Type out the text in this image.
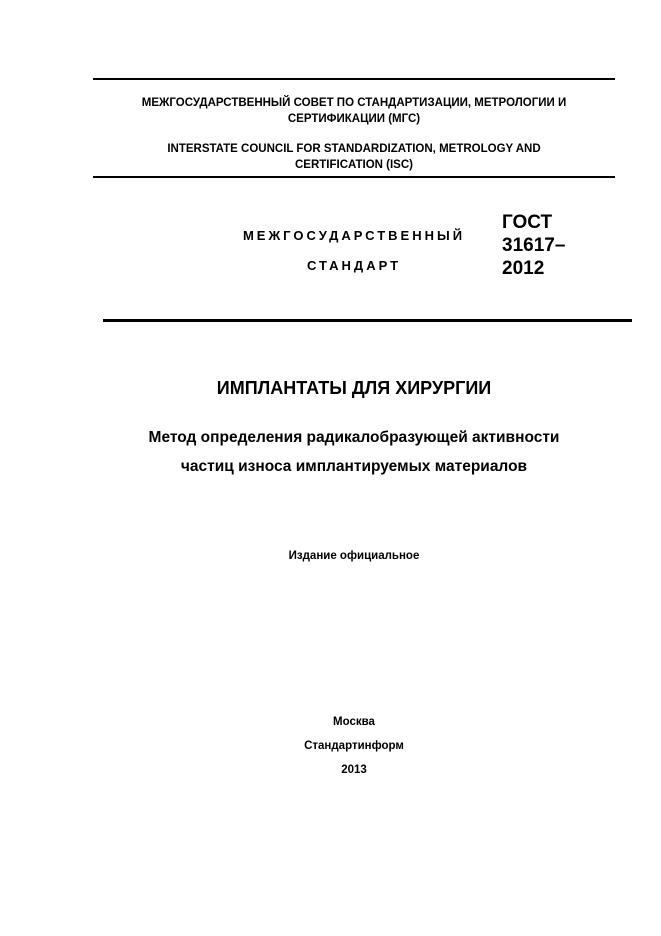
МЕЖГОСУДАРСТВЕННЫЙ СОВЕТ ПО СТАНДАРТИЗАЦИИ, МЕТРОЛОГИИ И
СЕРТИФИКАЦИИ (МГС)
INTERSTATE COUNCIL FOR STANDARDIZATION, METROLOGY AND
CERTIFICATION (ISC)
МЕЖГОСУДАРСТВЕННЫЙ
СТАНДАРТ
ГОСТ
31617–
2012
ИМПЛАНТАТЫ ДЛЯ ХИРУРГИИ
Метод определения радикалобразующей активности
частиц износа имплантируемых материалов
Издание официальное
Москва
Стандартинформ
2013
